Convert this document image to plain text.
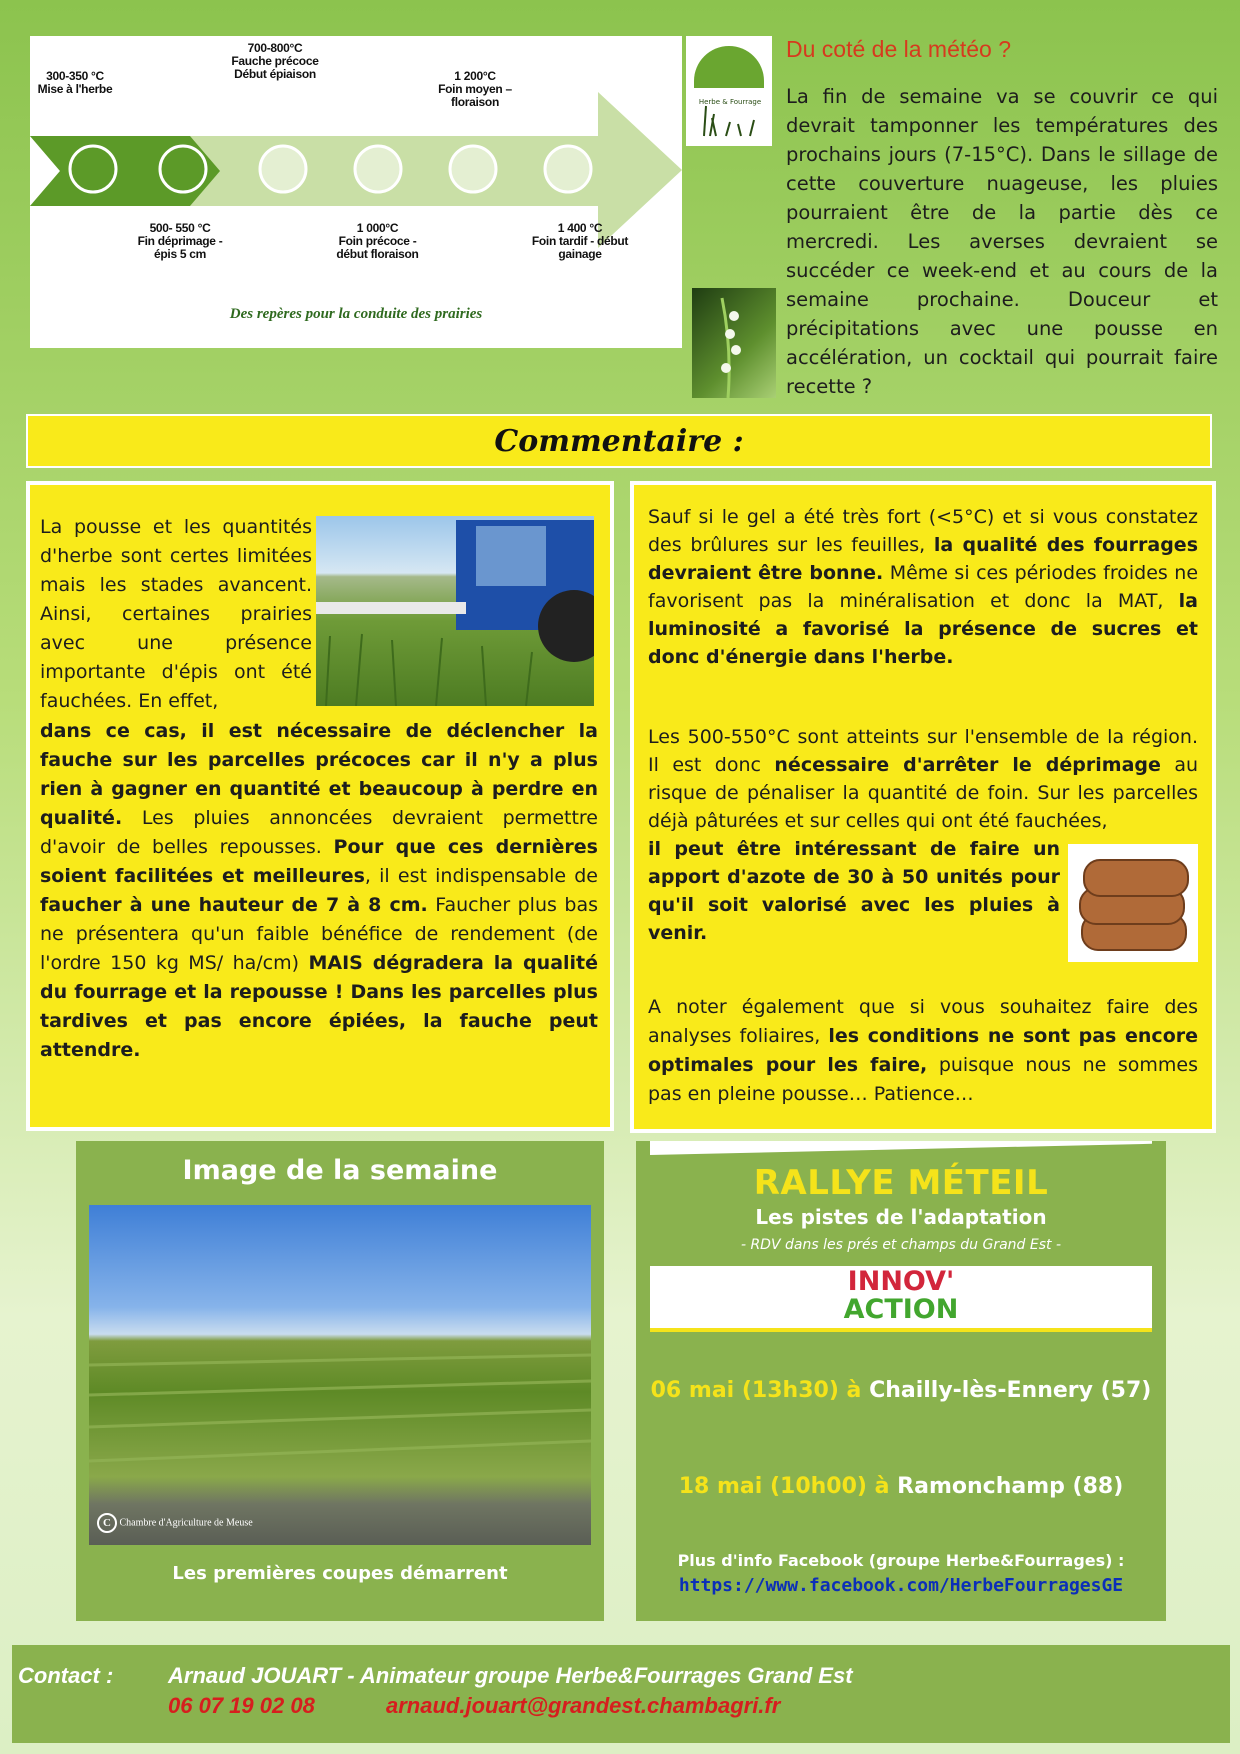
300-350 °C
Mise à l'herbe
700-800°C
Fauche précoce Début épiaison	1 200°C
Foin moyen – floraison
500- 550 °C
Fin déprimage - épis 5 cm
1 000°C
Foin précoce - début floraison
1 400 °C
Foin tardif - début gainage
Des repères pour la conduite des prairies
Herbe & Fourrage
Du coté de la météo ?
La fin de semaine va se couvrir ce qui devrait tamponner les températures des prochains jours (7-15°C). Dans le sillage de cette couverture nuageuse, les pluies pourraient être de la partie dès ce mercredi. Les averses devraient se succéder ce week-end et au cours de la semaine prochaine. Douceur et précipitations avec une pousse en accélération, un cocktail qui pourrait faire recette ?
Commentaire :
La pousse et les quantités d'herbe sont certes limitées mais les stades avancent. Ainsi, certaines prairies avec une présence importante d'épis ont été fauchées. En effet,
dans ce cas, il est nécessaire de déclencher la fauche sur les parcelles précoces car il n'y a plus rien à gagner en quantité et beaucoup à perdre en qualité. Les pluies annoncées devraient permettre d'avoir de belles repousses. Pour que ces dernières soient facilitées et meilleures, il est indispensable de faucher à une hauteur de 7 à 8 cm. Faucher plus bas ne présentera qu'un faible bénéfice de rendement (de l'ordre 150 kg MS/ ha/cm) MAIS dégradera la qualité du fourrage et la repousse ! Dans les parcelles plus tardives et pas encore épiées, la fauche peut attendre.
Sauf si le gel a été très fort (<5°C) et si vous constatez des brûlures sur les feuilles, la qualité des fourrages devraient être bonne. Même si ces périodes froides ne favorisent pas la minéralisation et donc la MAT, la luminosité a favorisé la présence de sucres et donc d'énergie dans l'herbe.
Les 500-550°C sont atteints sur l'ensemble de la région. Il est donc nécessaire d'arrêter le déprimage au risque de pénaliser la quantité de foin. Sur les parcelles déjà pâturées et sur celles qui ont été fauchées,
il peut être intéressant de faire un apport d'azote de 30 à 50 unités pour qu'il soit valorisé avec les pluies à venir.
A noter également que si vous souhaitez faire des analyses foliaires, les conditions ne sont pas encore optimales pour les faire, puisque nous ne sommes pas en pleine pousse… Patience…
Image de la semaine
C Chambre d'Agriculture de Meuse
Les premières coupes démarrent
RALLYE MÉTEIL
Les pistes de l'adaptation
- RDV dans les prés et champs du Grand Est -
INNOV'
ACTION
06 mai (13h30) à Chailly-lès-Ennery (57)
18 mai (10h00) à Ramonchamp (88)
Plus d'info Facebook (groupe Herbe&Fourrages) :
https://www.facebook.com/HerbeFourragesGE
Contact : Arnaud JOUART - Animateur groupe Herbe&Fourrages Grand Est
06 07 19 02 08	arnaud.jouart@grandest.chambagri.fr
